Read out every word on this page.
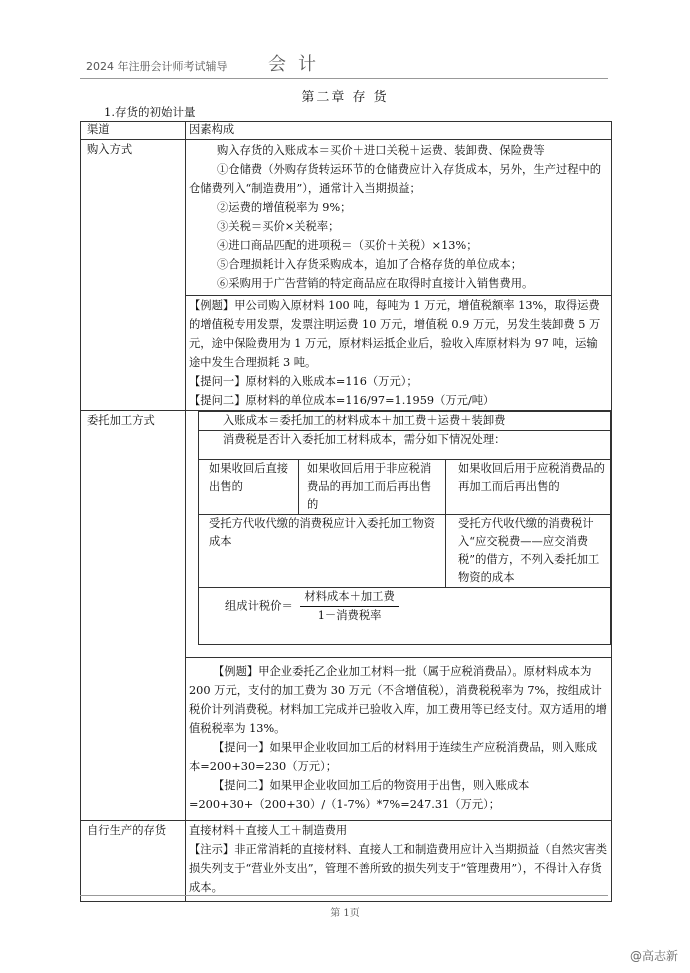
2024 年注册会计师考试辅导 会计
第二章 存 货
1.存货的初始计量
渠道	因素构成
购入方式	购入存货的入账成本＝买价＋进口关税＋运费、装卸费、保险费等
①仓储费（外购存货转运环节的仓储费应计入存货成本，另外，生产过程中的仓储费列入“制造费用”），通常计入当期损益；
②运费的增值税率为 9%；
③关税＝买价×关税率；
④进口商品匹配的进项税＝（买价＋关税）×13%；
⑤合理损耗计入存货采购成本，追加了合格存货的单位成本；
⑥采购用于广告营销的特定商品应在取得时直接计入销售费用。

【例题】甲公司购入原材料 100 吨，每吨为 1 万元，增值税额率 13%，取得运费的增值税专用发票，发票注明运费 10 万元，增值税 0.9 万元，另发生装卸费 5 万元，途中保险费用为 1 万元，原材料运抵企业后，验收入库原材料为 97 吨，运输途中发生合理损耗 3 吨。
【提问一】原材料的入账成本=116（万元）；
【提问二】原材料的单位成本=116/97=1.1959（万元/吨）

委托加工方式		入账成本＝委托加工的材料成本＋加工费＋运费＋装卸费
消费税是否计入委托加工材料成本，需分如下情况处理：
如果收回后直接出售的	如果收回后用于非应税消费品的再加工而后再出售的	如果收回后用于应税消费品的再加工而后再出售的
受托方代收代缴的消费税应计入委托加工物资成本	受托方代收代缴的消费税计入“应交税费——应交消费税”的借方，不列入委托加工物资的成本
组成计税价＝ $\frac{\text{材料成本＋加工费}}{\text{1－消费税率}}$

【例题】甲企业委托乙企业加工材料一批（属于应税消费品）。原材料成本为 200 万元，支付的加工费为 30 万元（不含增值税），消费税税率为 7%，按组成计税价计列消费税。材料加工完成并已验收入库，加工费用等已经支付。双方适用的增值税税率为 13%。
【提问一】如果甲企业收回加工后的材料用于连续生产应税消费品，则入账成本=200+30=230（万元）；
【提问二】如果甲企业收回加工后的物资用于出售，则入账成本=200+30+（200+30）/（1-7%）*7%=247.31（万元）；

自行生产的存货	直接材料＋直接人工＋制造费用
【注示】非正常消耗的直接材料、直接人工和制造费用应计入当期损益（自然灾害类损失列支于“营业外支出”，管理不善所致的损失列支于“管理费用”），不得计入存货成本。
第 1页
@高志新
